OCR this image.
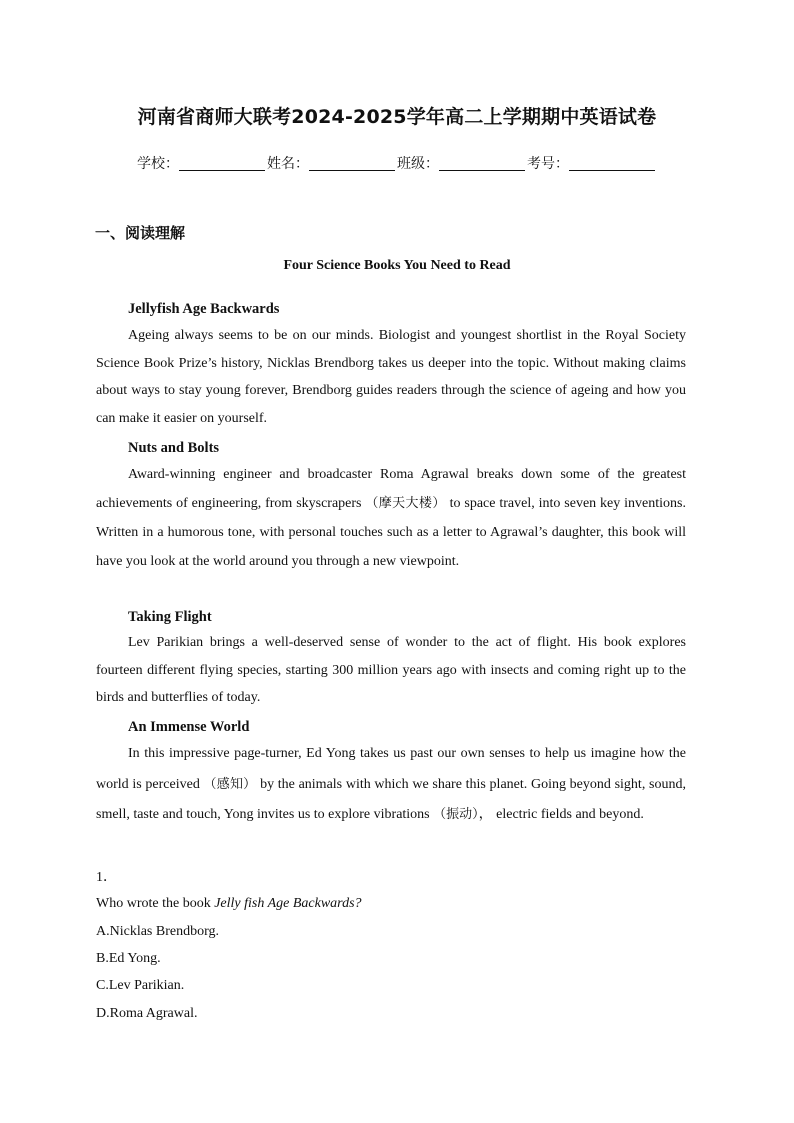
河南省商师大联考2024-2025学年高二上学期期中英语试卷
学校：	姓名：	班级：	考号：
一、阅读理解
Four Science Books You Need to Read
Jellyfish Age Backwards
Ageing always seems to be on our minds. Biologist and youngest shortlist in the Royal Society Science Book Prize’s history, Nicklas Brendborg takes us deeper into the topic. Without making claims about ways to stay young forever, Brendborg guides readers through the science of ageing and how you can make it easier on yourself.
Nuts and Bolts
Award-winning engineer and broadcaster Roma Agrawal breaks down some of the greatest achievements of engineering, from skyscrapers （摩天大楼） to space travel, into seven key inventions. Written in a humorous tone, with personal touches such as a letter to Agrawal’s daughter, this book will have you look at the world around you through a new viewpoint.
Taking Flight
Lev Parikian brings a well-deserved sense of wonder to the act of flight. His book explores fourteen different flying species, starting 300 million years ago with insects and coming right up to the birds and butterflies of today.
An Immense World
In this impressive page-turner, Ed Yong takes us past our own senses to help us imagine how the world is perceived （感知） by the animals with which we share this planet. Going beyond sight, sound, smell, taste and touch, Yong invites us to explore vibrations （振动）， electric fields and beyond.
1．
Who wrote the book Jelly fish Age Backwards?
A.Nicklas Brendborg.
B.Ed Yong.
C.Lev Parikian.
D.Roma Agrawal.
